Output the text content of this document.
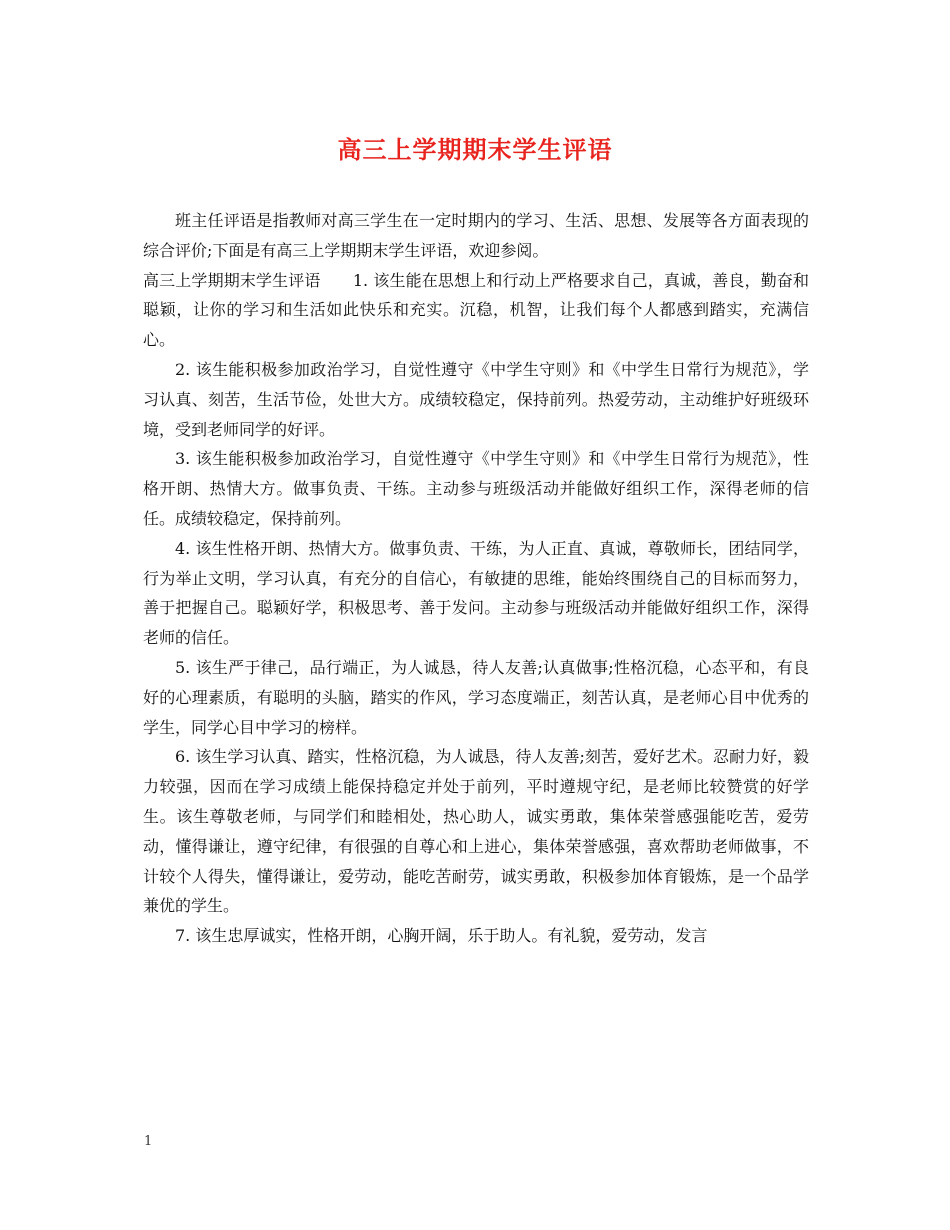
高三上学期期末学生评语

班主任评语是指教师对高三学生在一定时期内的学习、生活、思想、发展等各方面表现的综合评价;下面是有高三上学期期末学生评语，欢迎参阅。

高三上学期期末学生评语　　1. 该生能在思想上和行动上严格要求自己，真诚，善良，勤奋和聪颖，让你的学习和生活如此快乐和充实。沉稳，机智，让我们每个人都感到踏实，充满信心。

2. 该生能积极参加政治学习，自觉性遵守《中学生守则》和《中学生日常行为规范》，学习认真、刻苦，生活节俭，处世大方。成绩较稳定，保持前列。热爱劳动，主动维护好班级环境，受到老师同学的好评。

3. 该生能积极参加政治学习，自觉性遵守《中学生守则》和《中学生日常行为规范》，性格开朗、热情大方。做事负责、干练。主动参与班级活动并能做好组织工作，深得老师的信任。成绩较稳定，保持前列。

4. 该生性格开朗、热情大方。做事负责、干练，为人正直、真诚，尊敬师长，团结同学，行为举止文明，学习认真，有充分的自信心，有敏捷的思维，能始终围绕自己的目标而努力，善于把握自己。聪颖好学，积极思考、善于发问。主动参与班级活动并能做好组织工作，深得老师的信任。

5. 该生严于律己，品行端正，为人诚恳，待人友善;认真做事;性格沉稳，心态平和，有良好的心理素质，有聪明的头脑，踏实的作风，学习态度端正，刻苦认真，是老师心目中优秀的学生，同学心目中学习的榜样。

6. 该生学习认真、踏实，性格沉稳，为人诚恳，待人友善;刻苦，爱好艺术。忍耐力好，毅力较强，因而在学习成绩上能保持稳定并处于前列，平时遵规守纪，是老师比较赞赏的好学生。该生尊敬老师，与同学们和睦相处，热心助人，诚实勇敢，集体荣誉感强能吃苦，爱劳动，懂得谦让，遵守纪律，有很强的自尊心和上进心，集体荣誉感强，喜欢帮助老师做事，不计较个人得失，懂得谦让，爱劳动，能吃苦耐劳，诚实勇敢，积极参加体育锻炼，是一个品学兼优的学生。

7. 该生忠厚诚实，性格开朗，心胸开阔，乐于助人。有礼貌，爱劳动，发言

1
